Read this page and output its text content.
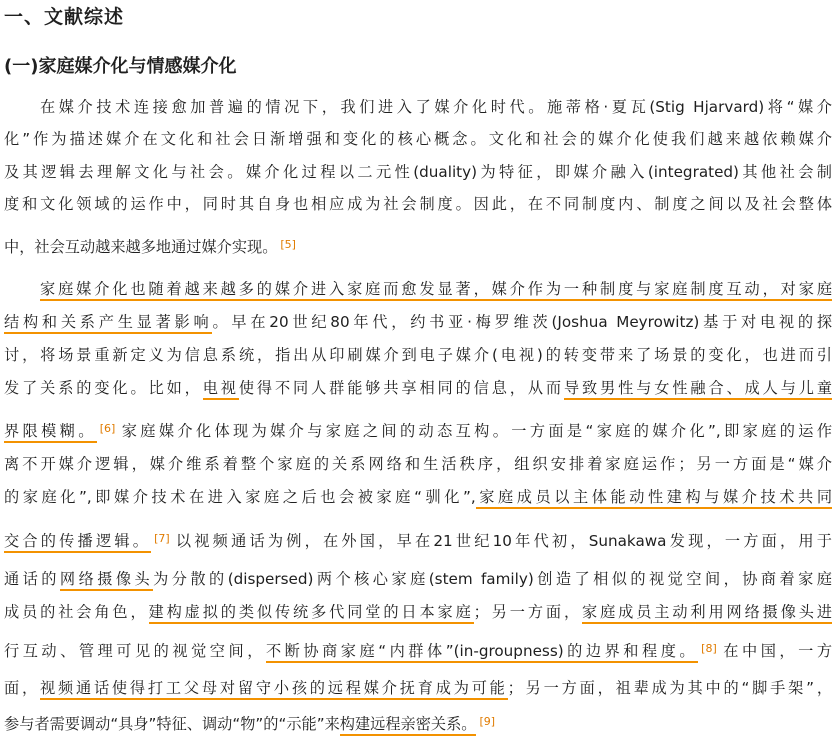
一、文献综述
(一)家庭媒介化与情感媒介化
在媒介技术连接愈加普遍的情况下，我们进入了媒介化时代。施蒂格·夏瓦(Stig Hjarvard)将“媒介
化”作为描述媒介在文化和社会日渐增强和变化的核心概念。文化和社会的媒介化使我们越来越依赖媒介
及其逻辑去理解文化与社会。媒介化过程以二元性(duality)为特征，即媒介融入(integrated)其他社会制
度和文化领域的运作中，同时其自身也相应成为社会制度。因此，在不同制度内、制度之间以及社会整体
中，社会互动越来越多地通过媒介实现。 [5]
家庭媒介化也随着越来越多的媒介进入家庭而愈发显著，媒介作为一种制度与家庭制度互动，对家庭
结构和关系产生显著影响。早在20世纪80年代，约书亚·梅罗维茨(Joshua Meyrowitz)基于对电视的探
讨，将场景重新定义为信息系统，指出从印刷媒介到电子媒介(电视)的转变带来了场景的变化，也进而引
发了关系的变化。比如，电视使得不同人群能够共享相同的信息，从而导致男性与女性融合、成人与儿童
界限模糊。 [6] 家庭媒介化体现为媒介与家庭之间的动态互构。一方面是“家庭的媒介化”,即家庭的运作
离不开媒介逻辑，媒介维系着整个家庭的关系网络和生活秩序，组织安排着家庭运作；另一方面是“媒介
的家庭化”,即媒介技术在进入家庭之后也会被家庭“驯化”,家庭成员以主体能动性建构与媒介技术共同
交合的传播逻辑。 [7] 以视频通话为例，在外国，早在21世纪10年代初，Sunakawa发现，一方面，用于
通话的网络摄像头为分散的(dispersed)两个核心家庭(stem family)创造了相似的视觉空间，协商着家庭
成员的社会角色，建构虚拟的类似传统多代同堂的日本家庭；另一方面，家庭成员主动利用网络摄像头进
行互动、管理可见的视觉空间，不断协商家庭“内群体”(in-groupness)的边界和程度。 [8] 在中国，一方
面，视频通话使得打工父母对留守小孩的远程媒介抚育成为可能；另一方面，祖辈成为其中的“脚手架”，
参与者需要调动“具身”特征、调动“物”的“示能”来构建远程亲密关系。 [9]
